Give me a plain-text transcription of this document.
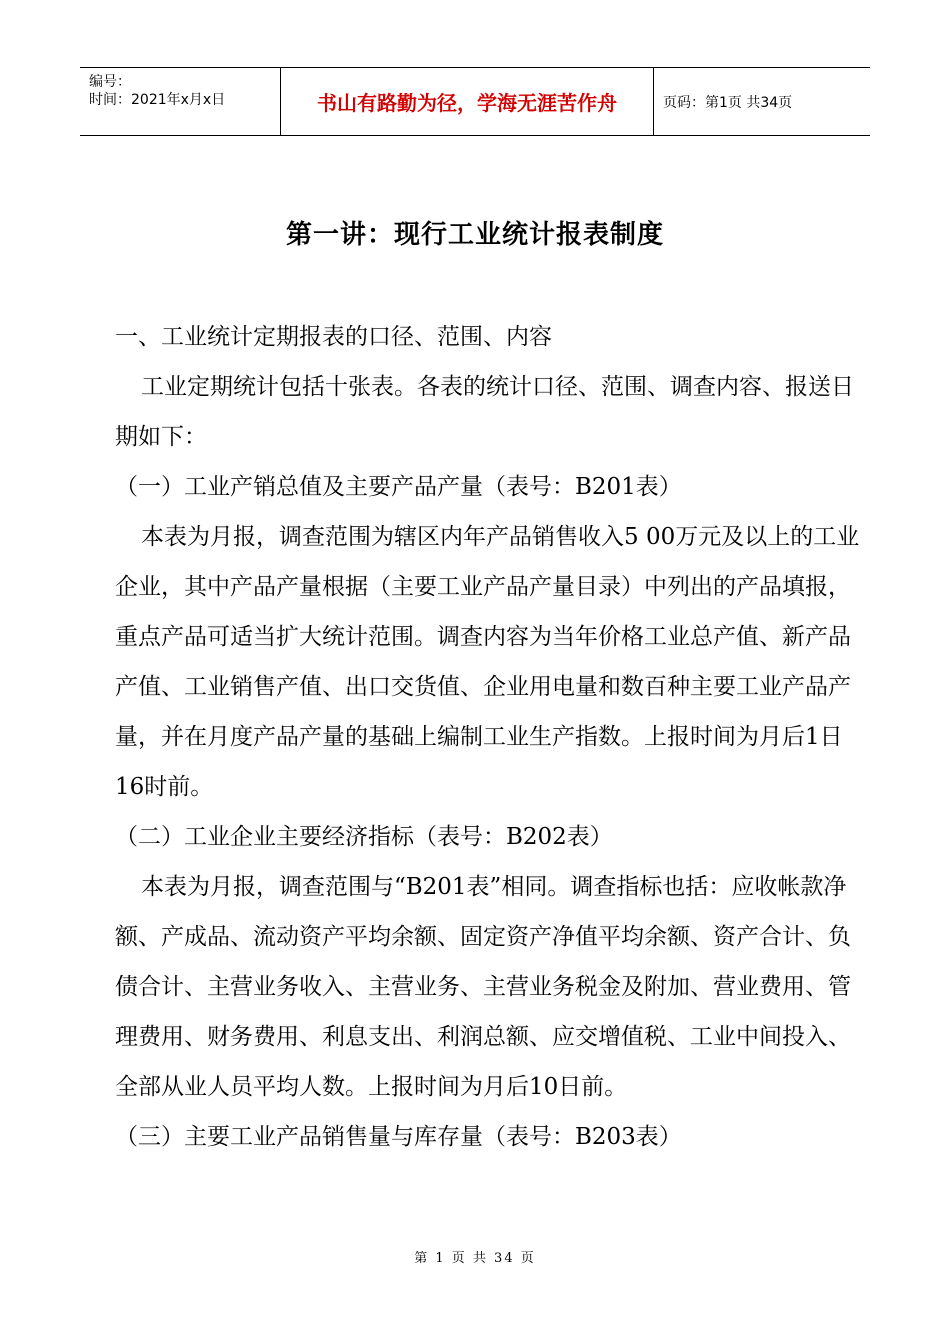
编号：
时间：2021年x月x日	书山有路勤为径，学海无涯苦作舟	页码：第1页 共34页
第一讲：现行工业统计报表制度

一、工业统计定期报表的口径、范围、内容

工业定期统计包括十张表。各表的统计口径、范围、调查内容、报送日期如下：

（一）工业产销总值及主要产品产量（表号：B201表）

本表为月报，调查范围为辖区内年产品销售收入5 00万元及以上的工业企业，其中产品产量根据（主要工业产品产量目录）中列出的产品填报，重点产品可适当扩大统计范围。调查内容为当年价格工业总产值、新产品产值、工业销售产值、出口交货值、企业用电量和数百种主要工业产品产量，并在月度产品产量的基础上编制工业生产指数。上报时间为月后1日16时前。

（二）工业企业主要经济指标（表号：B202表）

本表为月报，调查范围与“B201表”相同。调查指标也括：应收帐款净额、产成品、流动资产平均余额、固定资产净值平均余额、资产合计、负债合计、主营业务收入、主营业务、主营业务税金及附加、营业费用、管理费用、财务费用、利息支出、利润总额、应交增值税、工业中间投入、全部从业人员平均人数。上报时间为月后10日前。

（三）主要工业产品销售量与库存量（表号：B203表）

第 1 页 共 34 页
